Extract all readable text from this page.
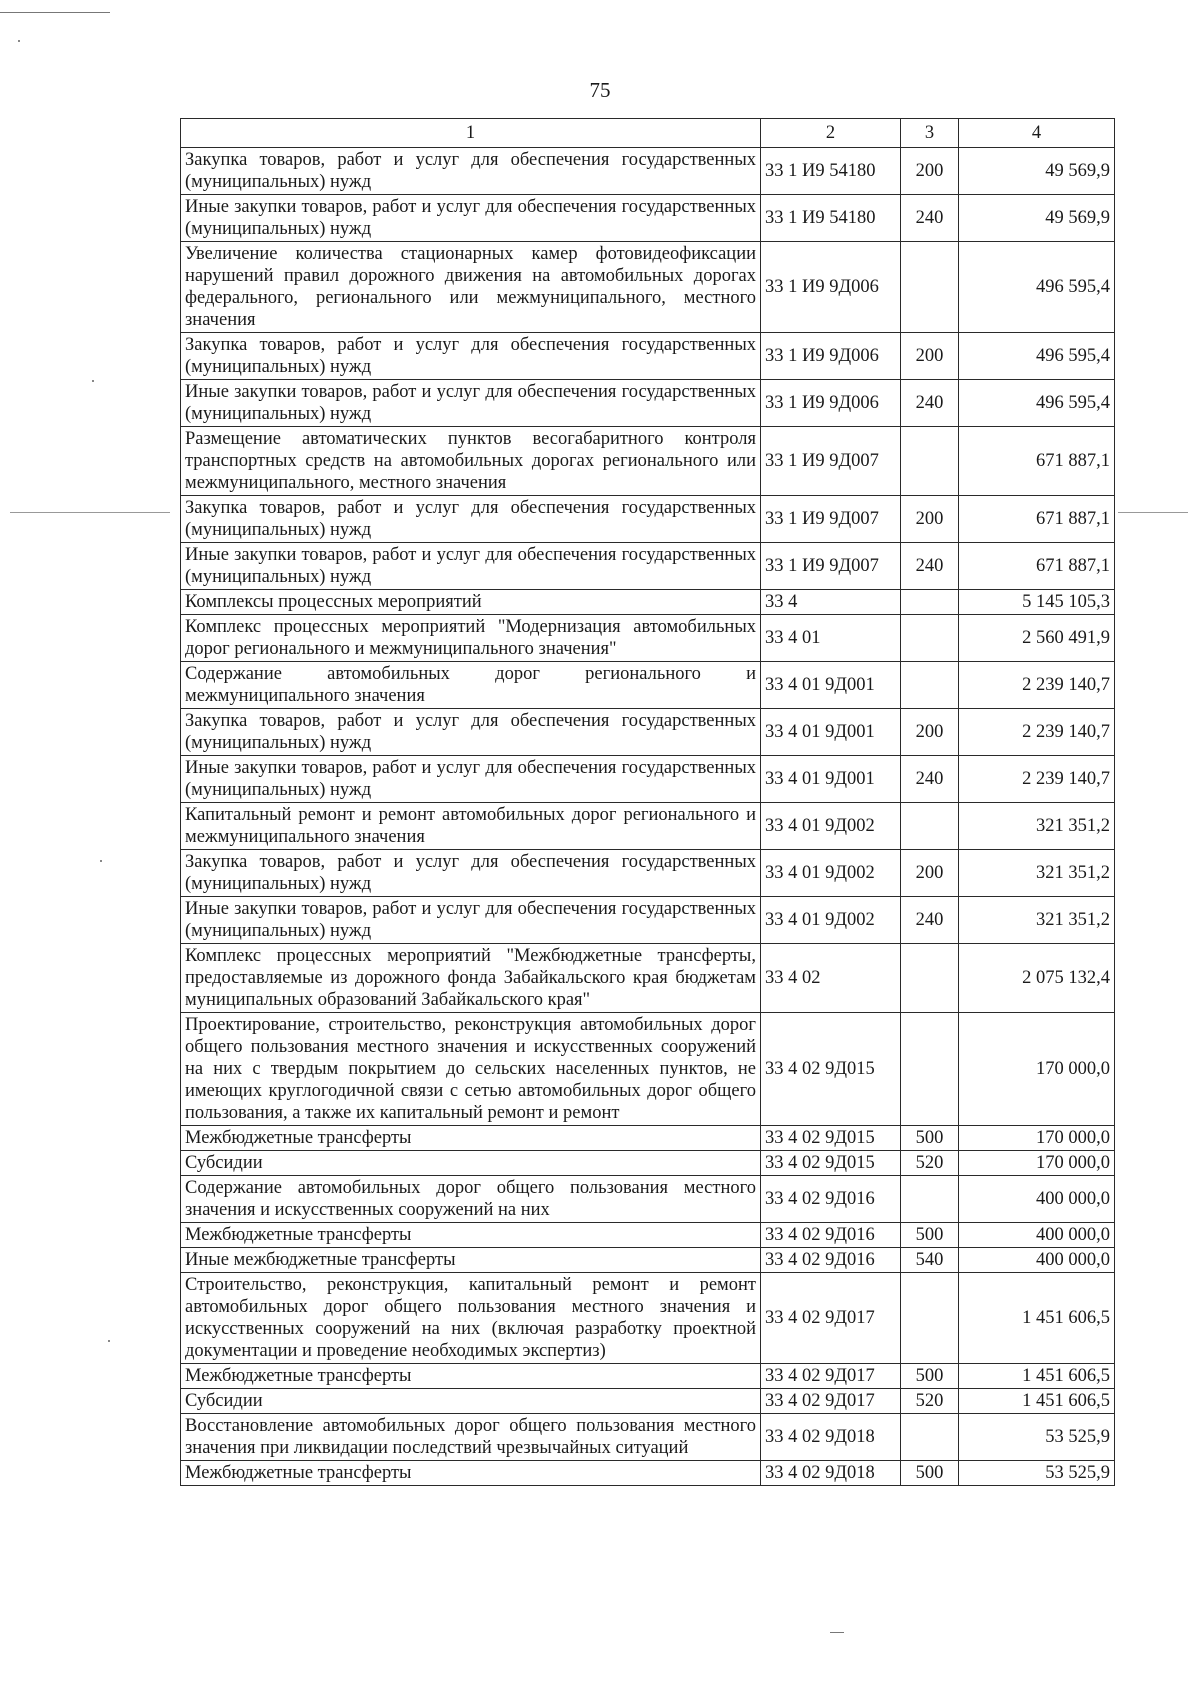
75
1	2	3	4
Закупка товаров, работ и услуг для обеспечения государственных (муниципальных) нужд	33 1 И9 54180	200	49 569,9
Иные закупки товаров, работ и услуг для обеспечения государственных (муниципальных) нужд	33 1 И9 54180	240	49 569,9
Увеличение количества стационарных камер фотовидеофиксации нарушений правил дорожного движения на автомобильных дорогах федерального, регионального или межмуниципального, местного значения	33 1 И9 9Д006		496 595,4
Закупка товаров, работ и услуг для обеспечения государственных (муниципальных) нужд	33 1 И9 9Д006	200	496 595,4
Иные закупки товаров, работ и услуг для обеспечения государственных (муниципальных) нужд	33 1 И9 9Д006	240	496 595,4
Размещение автоматических пунктов весогабаритного контроля транспортных средств на автомобильных дорогах регионального или межмуниципального, местного значения	33 1 И9 9Д007		671 887,1
Закупка товаров, работ и услуг для обеспечения государственных (муниципальных) нужд	33 1 И9 9Д007	200	671 887,1
Иные закупки товаров, работ и услуг для обеспечения государственных (муниципальных) нужд	33 1 И9 9Д007	240	671 887,1
Комплексы процессных мероприятий	33 4		5 145 105,3
Комплекс процессных мероприятий "Модернизация автомобильных дорог регионального и межмуниципального значения"	33 4 01		2 560 491,9
Содержание автомобильных дорог регионального и межмуниципального значения	33 4 01 9Д001		2 239 140,7
Закупка товаров, работ и услуг для обеспечения государственных (муниципальных) нужд	33 4 01 9Д001	200	2 239 140,7
Иные закупки товаров, работ и услуг для обеспечения государственных (муниципальных) нужд	33 4 01 9Д001	240	2 239 140,7
Капитальный ремонт и ремонт автомобильных дорог регионального и межмуниципального значения	33 4 01 9Д002		321 351,2
Закупка товаров, работ и услуг для обеспечения государственных (муниципальных) нужд	33 4 01 9Д002	200	321 351,2
Иные закупки товаров, работ и услуг для обеспечения государственных (муниципальных) нужд	33 4 01 9Д002	240	321 351,2
Комплекс процессных мероприятий "Межбюджетные трансферты, предоставляемые из дорожного фонда Забайкальского края бюджетам муниципальных образований Забайкальского края"	33 4 02		2 075 132,4
Проектирование, строительство, реконструкция автомобильных дорог общего пользования местного значения и искусственных сооружений на них с твердым покрытием до сельских населенных пунктов, не имеющих круглогодичной связи с сетью автомобильных дорог общего пользования, а также их капитальный ремонт и ремонт	33 4 02 9Д015		170 000,0
Межбюджетные трансферты	33 4 02 9Д015	500	170 000,0
Субсидии	33 4 02 9Д015	520	170 000,0
Содержание автомобильных дорог общего пользования местного значения и искусственных сооружений на них	33 4 02 9Д016		400 000,0
Межбюджетные трансферты	33 4 02 9Д016	500	400 000,0
Иные межбюджетные трансферты	33 4 02 9Д016	540	400 000,0
Строительство, реконструкция, капитальный ремонт и ремонт автомобильных дорог общего пользования местного значения и искусственных сооружений на них (включая разработку проектной документации и проведение необходимых экспертиз)	33 4 02 9Д017		1 451 606,5
Межбюджетные трансферты	33 4 02 9Д017	500	1 451 606,5
Субсидии	33 4 02 9Д017	520	1 451 606,5
Восстановление автомобильных дорог общего пользования местного значения при ликвидации последствий чрезвычайных ситуаций	33 4 02 9Д018		53 525,9
Межбюджетные трансферты	33 4 02 9Д018	500	53 525,9
